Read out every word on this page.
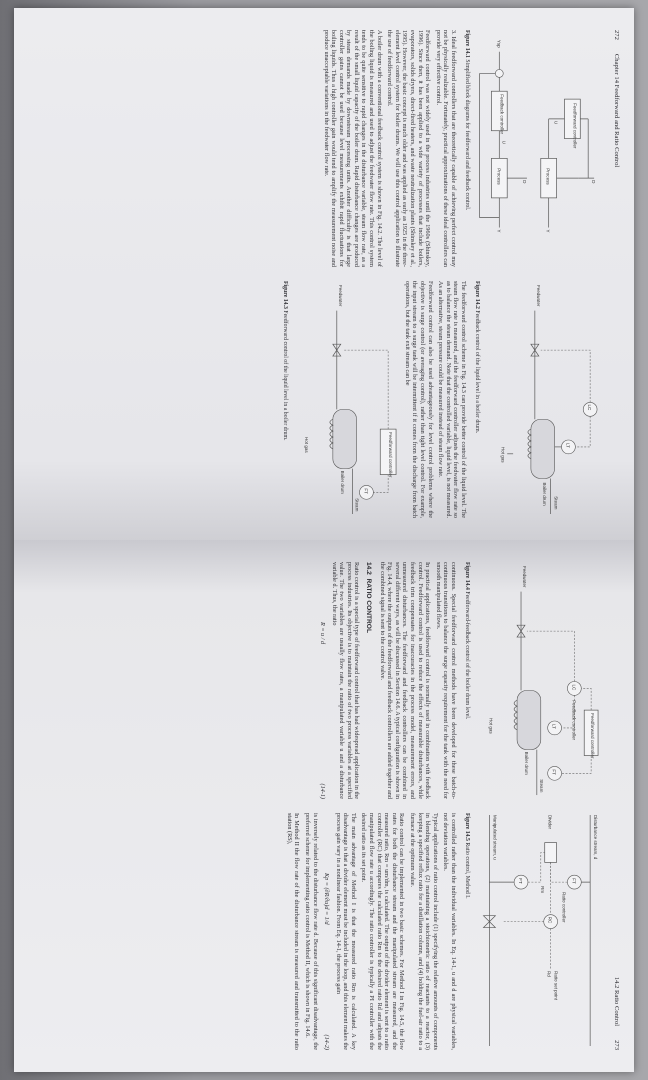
272
Chapter 14 Feedforward and Ratio Control
D
Feedforward controller
U
Process
Y
D
Ysp
Feedback controller
U
Process
Y
Figure 14.1 Simplified block diagrams for feedforward and feedback control.

3. Ideal feedforward controllers that are theoretically capable of achieving perfect control may not be physically realizable. Fortunately, practical approximations of these ideal controllers can provide very effective control.

Feedforward control was not widely used in the process industries until the 1960s (Shinskey, 1996). Since then, it has been applied to a wide variety of processes that include boilers, evaporators, solids dryers, direct-fired heaters, and waste neutralization plants (Shinskey et al., 1995). However, the basic concept is much older and was applied as early as 1925 in the three-element level control system for boiler drums. We will use this control application to illustrate the use of feedforward control.

A boiler drum with a conventional feedback control system is shown in Fig. 14.2. The level of the boiling liquid is measured and used to adjust the feedwater flow rate. This control system tends to be quite sensitive to rapid changes in the disturbance variable, steam flow rate, as a result of the small liquid capacity of the boiler drum. Rapid disturbance changes are produced by steam demands made by downstream processing units. Another difficulty is that large controller gains cannot be used because level measurements exhibit rapid fluctuations for boiling liquids. Thus a high controller gain would tend to amplify the measurement noise and produce unacceptable variations in the feedwater flow rate.

LC
LT
Boiler drum Steam
Feedwater
Hot gas
Figure 14.2 Feedback control of the liquid level in a boiler drum.

The feedforward control scheme in Fig. 14.3 can provide better control of the liquid level. The steam flow rate is measured, and the feedforward controller adjusts the feedwater flow rate so as to balance the steam demand. Note that the controlled variable, liquid level, is not measured. As an alternative, steam pressure could be measured instead of steam flow rate.

Feedforward control can also be used advantageously for level control problems where the objective is surge control (or averaging control), rather than tight level control. For example, the input stream to a surge tank will be intermittent if it comes from the discharge from batch operations, but the tank exit stream can be

Feedforward controller
FT
Steam
Boiler drum
Feedwater
Hot gas
Figure 14.3 Feedforward control of the liquid level in a boiler drum.
14.2 Ratio Control
273
Feedforward controller
LC
Feedback controller
LT
FT
Steam
Boiler drum
Feedwater
Hot gas
Figure 14.4 Feedforward-feedback control of the boiler drum level.

continuous. Special feedforward control methods have been developed for these batch-to-continuous transitions to balance the surge capacity requirement for the tank with the need for smooth manipulated flows.

In practical applications, feedforward control is normally used in combination with feedback control. Feedforward control is used to reduce the effects of measurable disturbances, while feedback trim compensates for inaccuracies in the process model, measurement errors, and unmeasured disturbances. The feedforward and feedback controllers can be combined in several different ways, as will be discussed in Section 14.6. A typical configuration is shown in Fig. 14.4, where the outputs of the feedforward and feedback controllers are added together and the combined signal is sent to the control valve.

14.2  RATIO CONTROL

Ratio control is a special type of feedforward control that has had widespread application in the process industries. Its objective is to maintain the ratio of two process variables at a specified value. The two variables are usually flow rates, a manipulated variable u and a disturbance variable d. Thus, the ratio

R = u / d
(14-1)
Disturbance stream, d
FT
Divider
Ratio controller
RC
Rm
Ratio set point
Rd
FT
Manipulated stream, u
Figure 14.5 Ratio control, Method I.

is controlled rather than the individual variables. In Eq. 14-1, u and d are physical variables, not deviation variables.

Typical applications of ratio control include (1) specifying the relative amounts of components in blending operations, (2) maintaining a stoichiometric ratio of reactants to a reactor, (3) keeping a specified reflux ratio for a distillation column, and (4) holding the fuel-air ratio to a furnace at the optimum value.

Ratio control can be implemented in two basic schemes. For Method I in Fig. 14.5, the flow rates for both the disturbance stream and the manipulated stream are measured, and the measured ratio, Rm = um/dm, is calculated. The output of the divider element is sent to a ratio controller (RC) that compares the calculated ratio Rm to the desired ratio Rd and adjusts the manipulated flow rate u accordingly. The ratio controller is typically a PI controller with the desired ratio as its set point.

The main advantage of Method I is that the measured ratio Rm is calculated. A key disadvantage is that a divider element must be included in the loop, and this element makes the process gain vary in a nonlinear fashion. From Eq. 14-1, the process gain

Kp = (∂R/∂u)d = 1/d
(14-2)

is inversely related to the disturbance flow rate d. Because of this significant disadvantage, the preferred scheme for implementing ratio control is Method II, which is shown in Fig. 14.6.

In Method II the flow rate of the disturbance stream is measured and transmitted to the ratio station (RS),
